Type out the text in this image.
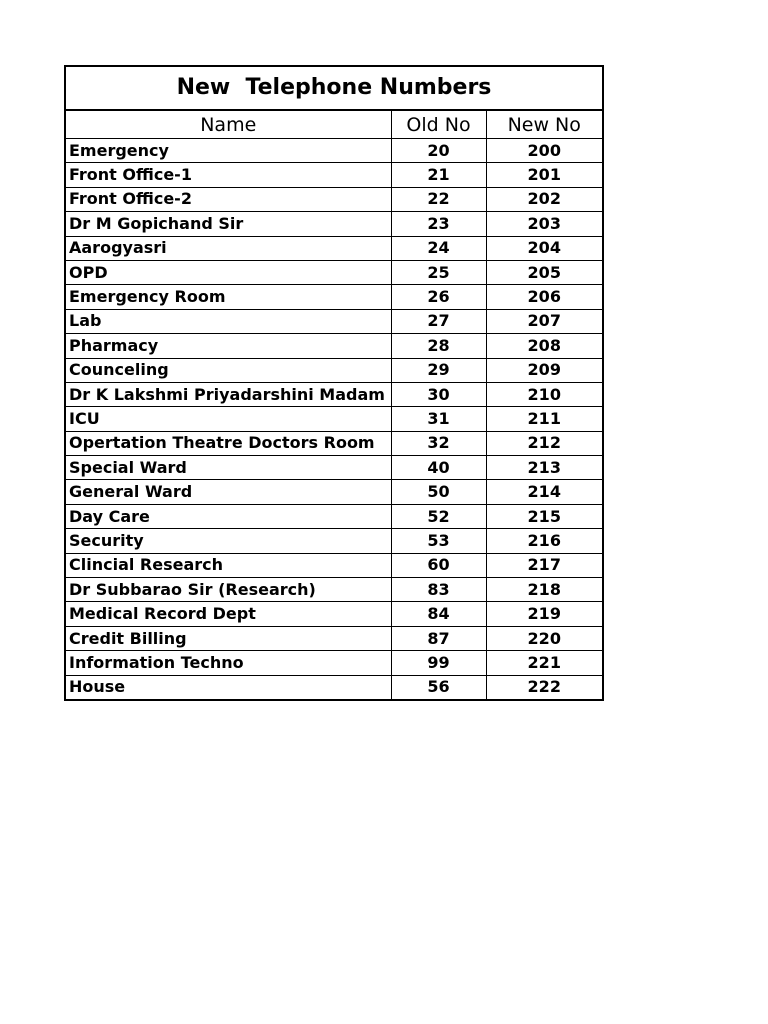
New  Telephone Numbers
Name	Old No	New No
Emergency	20	200
Front Office-1	21	201
Front Office-2	22	202
Dr M Gopichand Sir	23	203
Aarogyasri	24	204
OPD	25	205
Emergency Room	26	206
Lab	27	207
Pharmacy	28	208
Counceling	29	209
Dr K Lakshmi Priyadarshini Madam	30	210
ICU	31	211
Opertation Theatre Doctors Room	32	212
Special Ward	40	213
General Ward	50	214
Day Care	52	215
Security	53	216
Clincial Research	60	217
Dr Subbarao Sir (Research)	83	218
Medical Record Dept	84	219
Credit Billing	87	220
Information Techno	99	221
House	56	222
